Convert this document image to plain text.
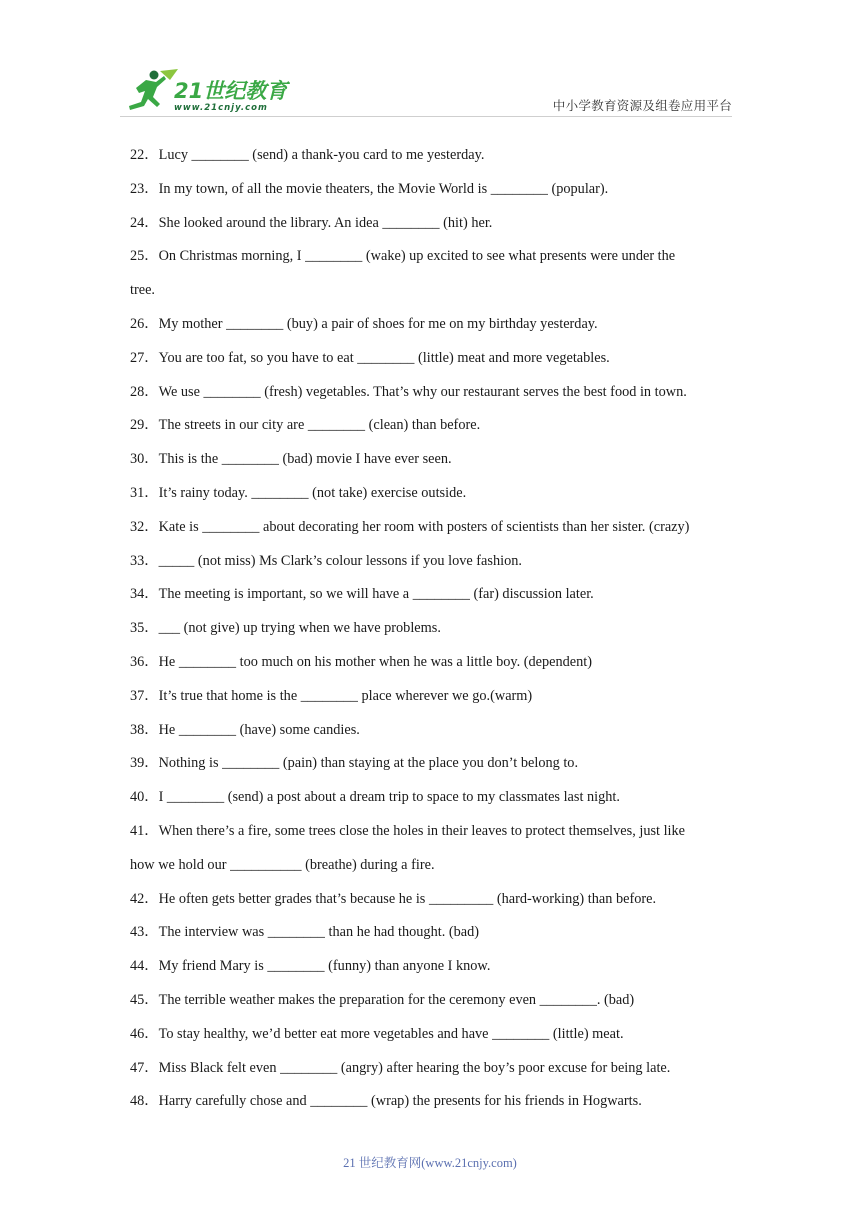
21世纪教育
www.21cnjy.com	中小学教育资源及组卷应用平台
22．Lucy ________ (send) a thank-you card to me yesterday.
23．In my town, of all the movie theaters, the Movie World is ________ (popular).
24．She looked around the library. An idea ________ (hit) her.
25．On Christmas morning, I ________ (wake) up excited to see what presents were under the
tree.
26．My mother ________ (buy) a pair of shoes for me on my birthday yesterday.
27．You are too fat, so you have to eat ________ (little) meat and more vegetables.
28．We use ________ (fresh) vegetables. That’s why our restaurant serves the best food in town.
29．The streets in our city are ________ (clean) than before.
30．This is the ________ (bad) movie I have ever seen.
31．It’s rainy today. ________ (not take) exercise outside.
32．Kate is ________ about decorating her room with posters of scientists than her sister. (crazy)
33．_____ (not miss) Ms Clark’s colour lessons if you love fashion.
34．The meeting is important, so we will have a ________ (far) discussion later.
35．___ (not give) up trying when we have problems.
36．He ________ too much on his mother when he was a little boy. (dependent)
37．It’s true that home is the ________ place wherever we go.(warm)
38．He ________ (have) some candies.
39．Nothing is ________ (pain) than staying at the place you don’t belong to.
40．I ________ (send) a post about a dream trip to space to my classmates last night.
41．When there’s a fire, some trees close the holes in their leaves to protect themselves, just like
how we hold our __________ (breathe) during a fire.
42．He often gets better grades that’s because he is _________ (hard-working) than before.
43．The interview was ________ than he had thought. (bad)
44．My friend Mary is ________ (funny) than anyone I know.
45．The terrible weather makes the preparation for the ceremony even ________. (bad)
46．To stay healthy, we’d better eat more vegetables and have ________ (little) meat.
47．Miss Black felt even ________ (angry) after hearing the boy’s poor excuse for being late.
48．Harry carefully chose and ________ (wrap) the presents for his friends in Hogwarts.
21 世纪教育网(www.21cnjy.com)
